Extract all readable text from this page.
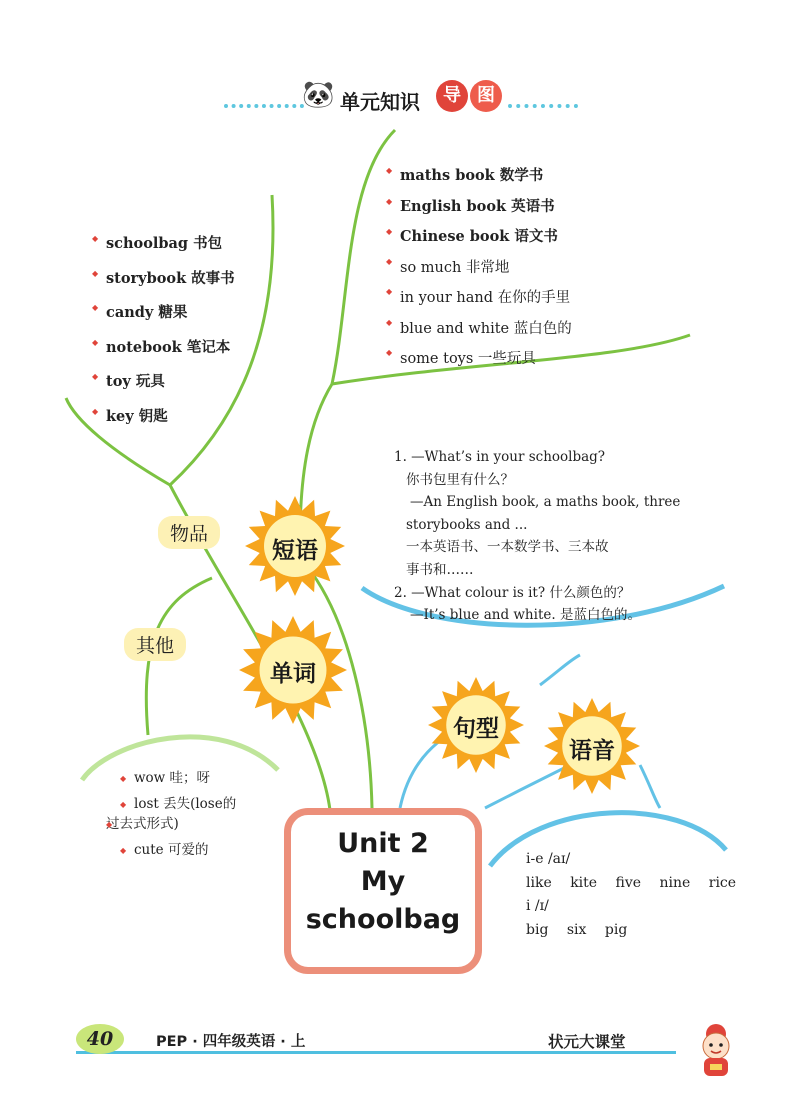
🐼 单元知识	导 图
◆ schoolbag 书包
◆ storybook 故事书
◆ candy 糖果
◆ notebook 笔记本
◆ toy 玩具
◆ key 钥匙
◆ maths book 数学书
◆ English book 英语书
◆ Chinese book 语文书
◆ so much 非常地
◆ in your hand 在你的手里
◆ blue and white 蓝白色的
◆ some toys 一些玩具
1. —What’s in your schoolbag?
你书包里有什么？
—An English book, a maths book, three
storybooks and ...
一本英语书、一本数学书、三本故
事书和……
2. —What colour is it? 什么颜色的？
—It’s blue and white. 是蓝白色的。
◆ wow 哇；呀
◆ lost 丢失(lose的
◆ 过去式形式)
◆ cute 可爱的
i-e /aɪ/
like kite five nine rice
i /ɪ/
big six pig
物品
其他
短语
单词
句型
语音
Unit 2
My
schoolbag
40	PEP · 四年级英语 · 上	状元大课堂
